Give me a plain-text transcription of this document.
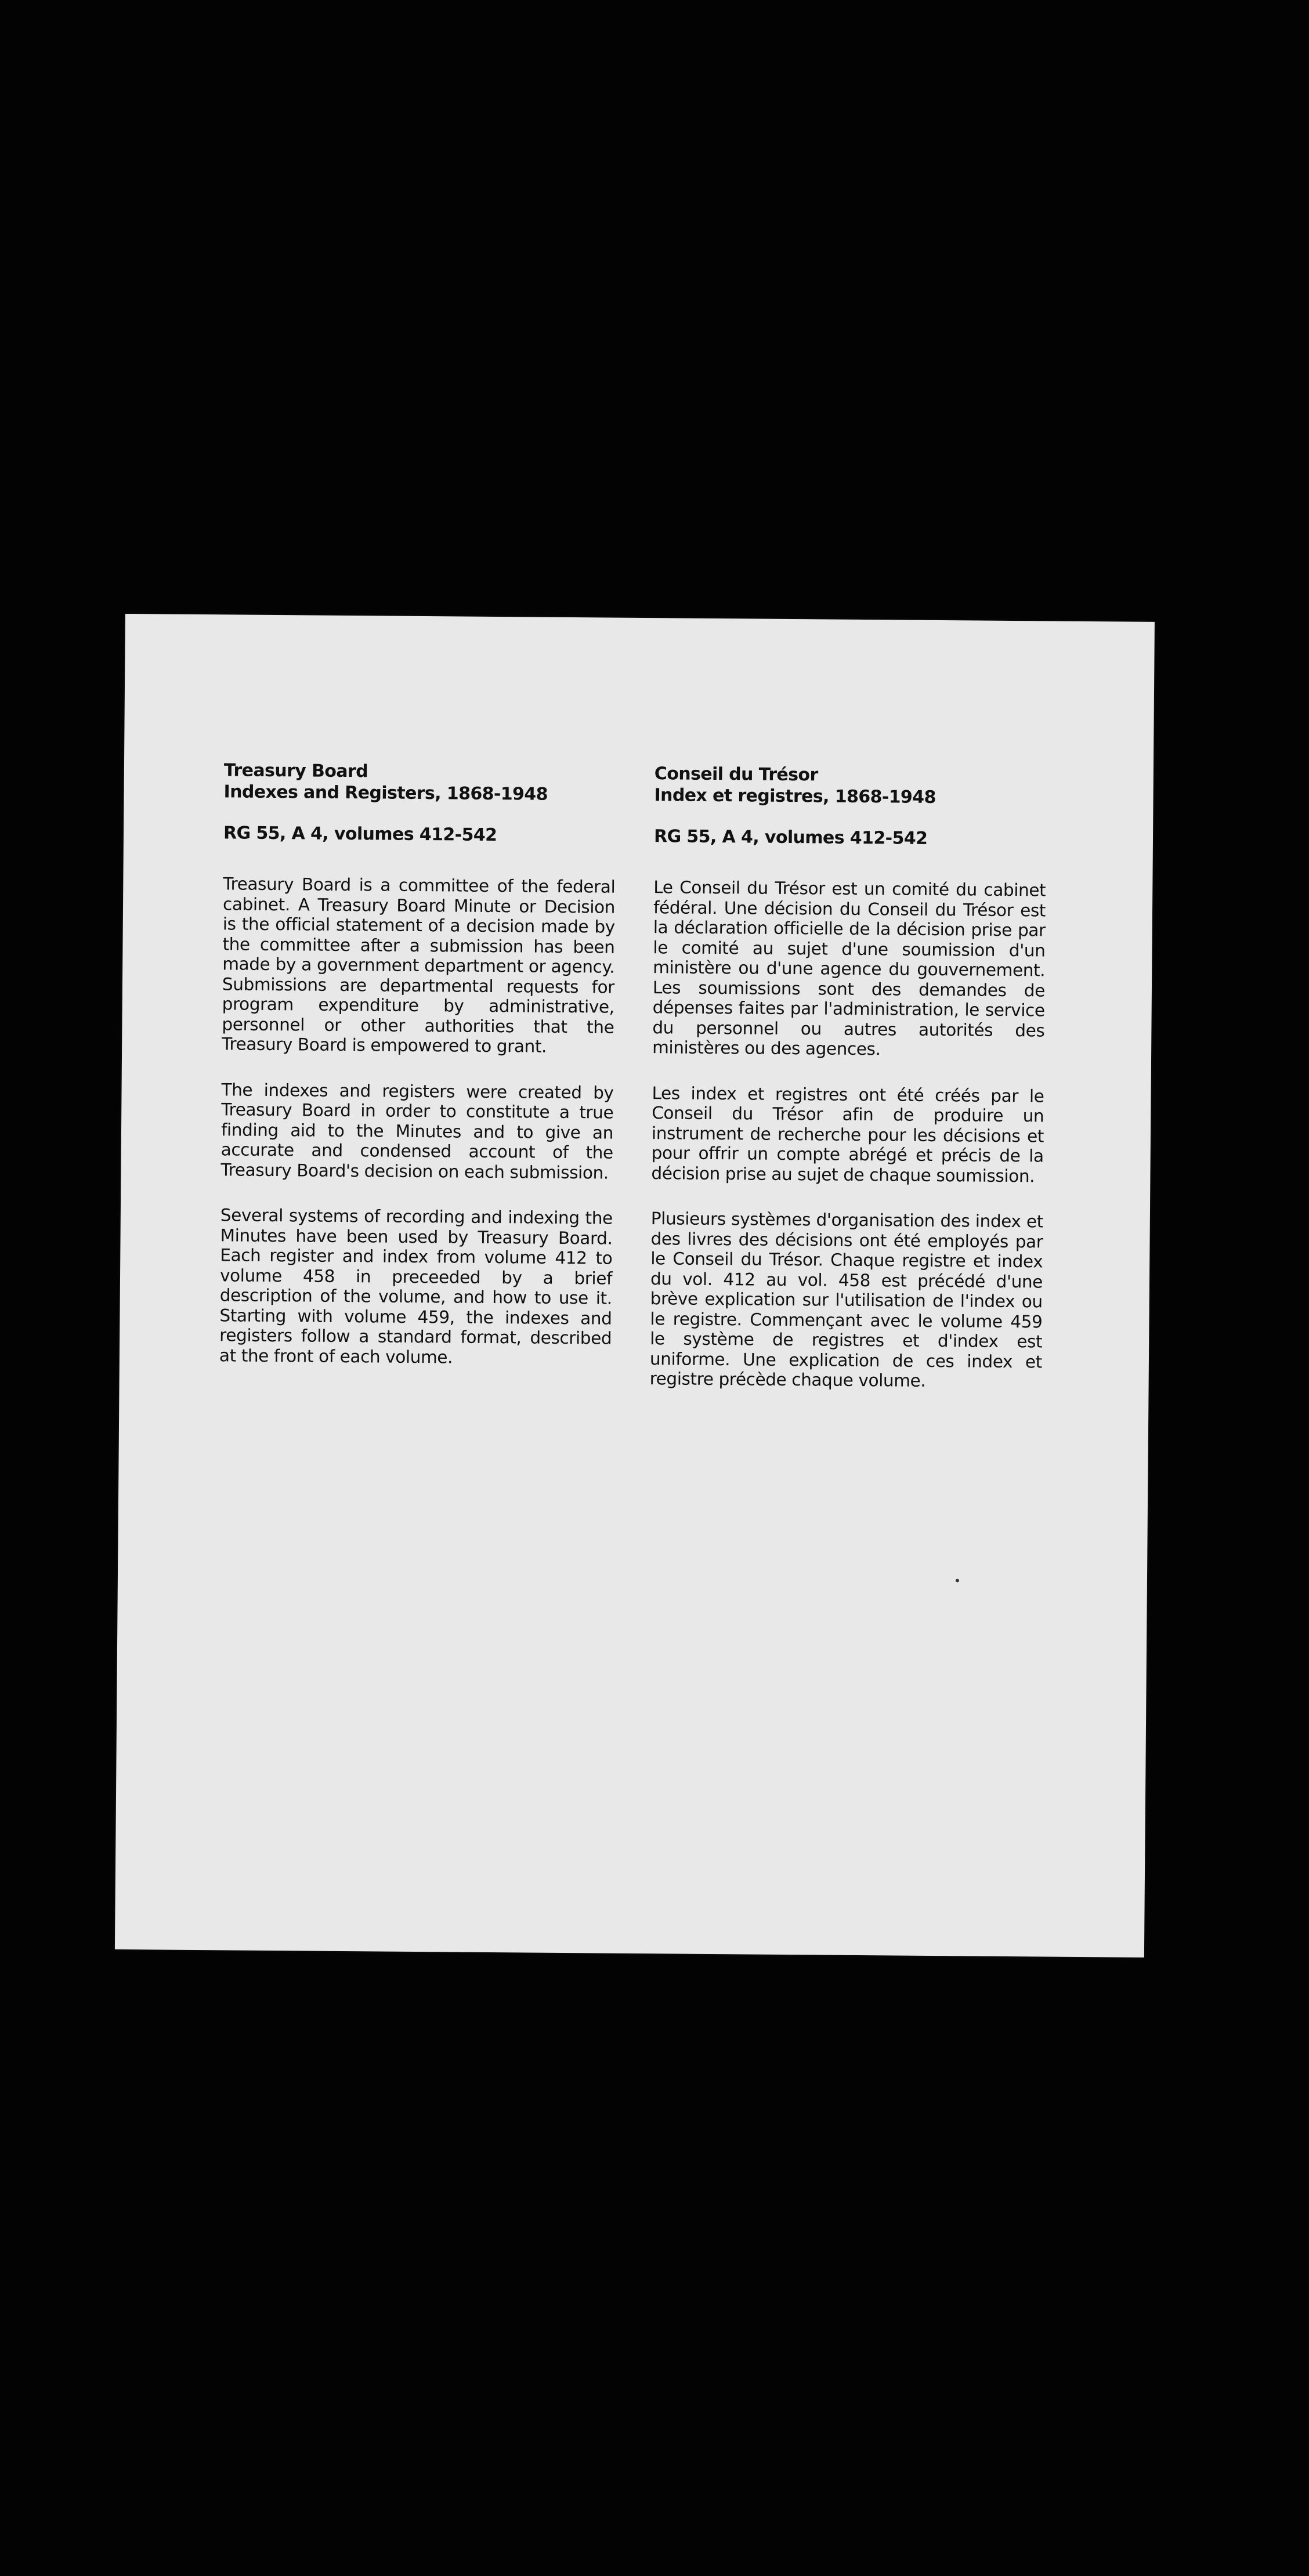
Treasury Board
Indexes and Registers, 1868-1948

RG 55, A 4, volumes 412-542

Treasury Board is a committee of the federal cabinet. A Treasury Board Minute or Decision is the official statement of a decision made by the committee after a submission has been made by a government department or agency. Submissions are departmental requests for program expenditure by administrative, personnel or other authorities that the Treasury Board is empowered to grant.

The indexes and registers were created by Treasury Board in order to constitute a true finding aid to the Minutes and to give an accurate and condensed account of the Treasury Board's decision on each submission.

Several systems of recording and indexing the Minutes have been used by Treasury Board. Each register and index from volume 412 to volume 458 in preceeded by a brief description of the volume, and how to use it. Starting with volume 459, the indexes and registers follow a standard format, described at the front of each volume.

Conseil du Trésor
Index et registres, 1868-1948

RG 55, A 4, volumes 412-542

Le Conseil du Trésor est un comité du cabinet fédéral. Une décision du Conseil du Trésor est la déclaration officielle de la décision prise par le comité au sujet d'une soumission d'un ministère ou d'une agence du gouvernement. Les soumissions sont des demandes de dépenses faites par l'administration, le service du personnel ou autres autorités des ministères ou des agences.

Les index et registres ont été créés par le Conseil du Trésor afin de produire un instrument de recherche pour les décisions et pour offrir un compte abrégé et précis de la décision prise au sujet de chaque soumission.

Plusieurs systèmes d'organisation des index et des livres des décisions ont été employés par le Conseil du Trésor. Chaque registre et index du vol. 412 au vol. 458 est précédé d'une brève explication sur l'utilisation de l'index ou le registre. Commençant avec le volume 459 le système de registres et d'index est uniforme. Une explication de ces index et registre précède chaque volume.
